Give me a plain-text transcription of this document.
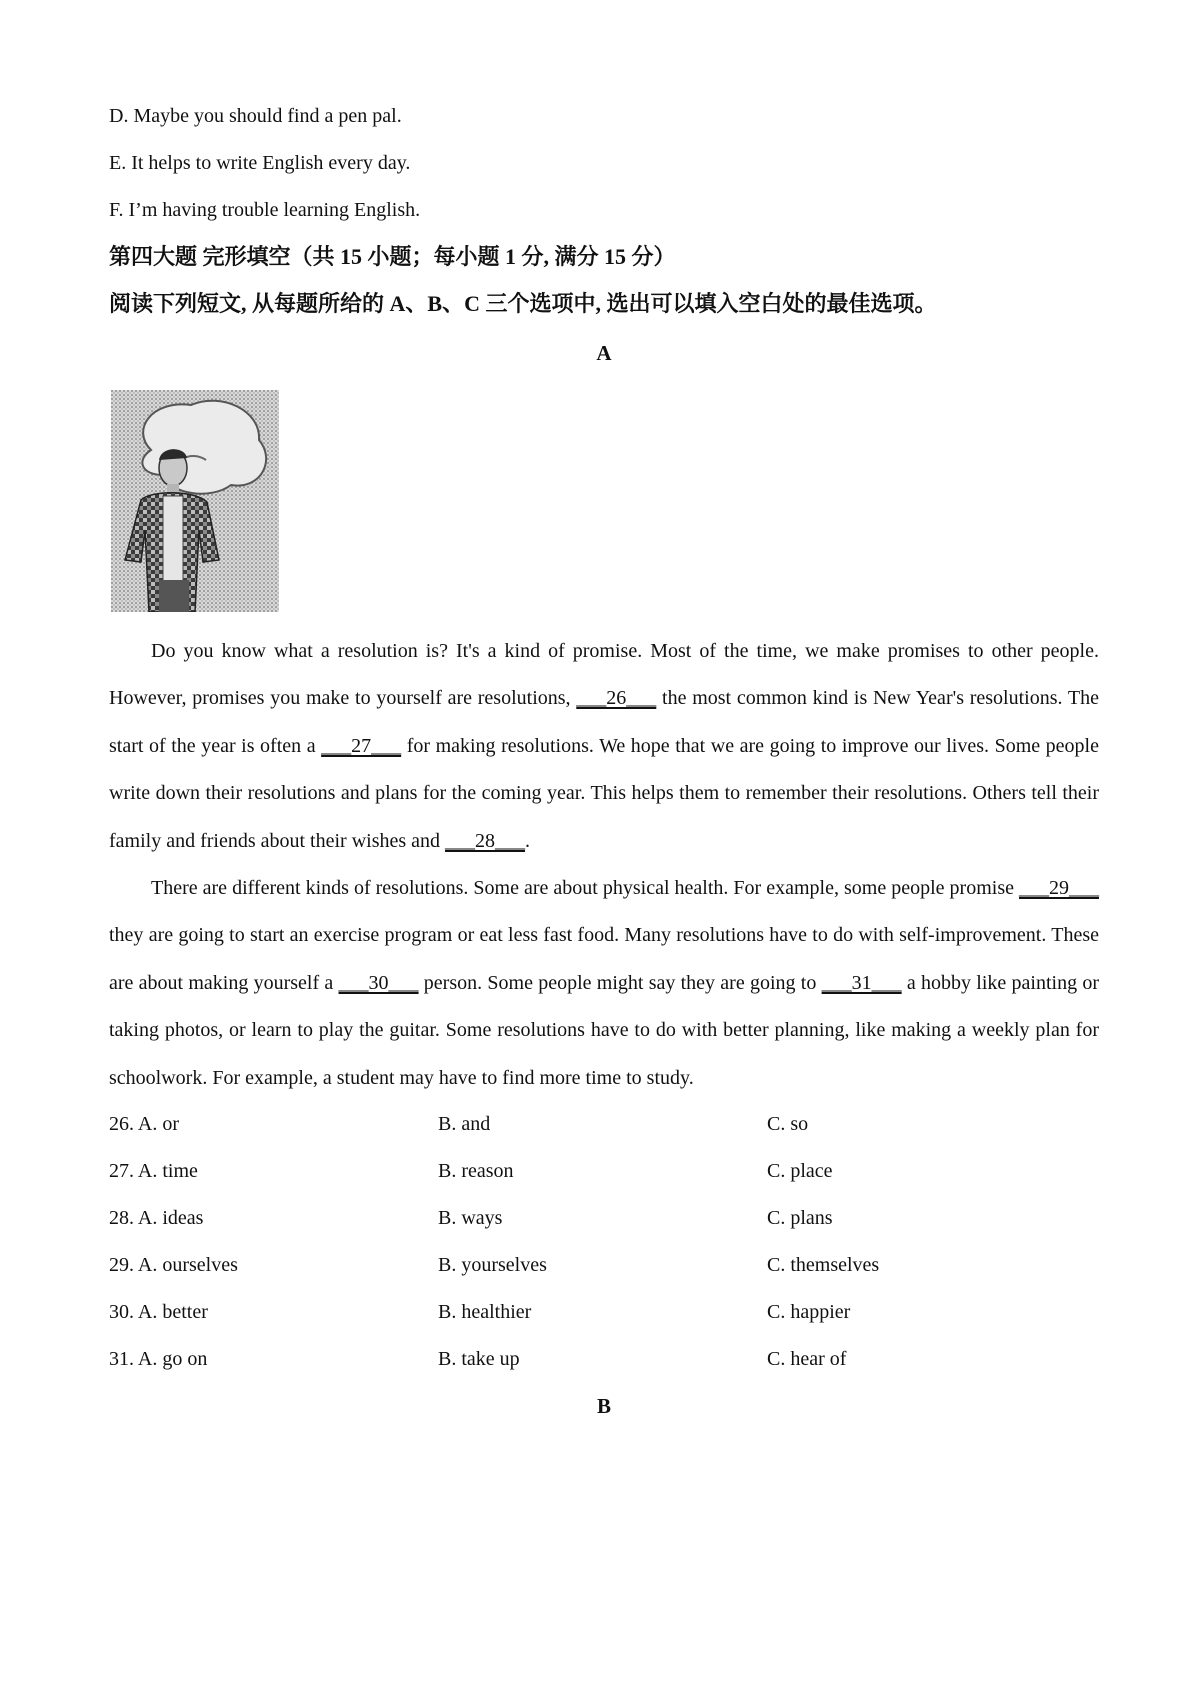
D. Maybe you should find a pen pal.
E. It helps to write English every day.
F. I’m having trouble learning English.
第四大题 完形填空（共 15 小题；每小题 1 分, 满分 15 分）
阅读下列短文, 从每题所给的 A、B、C 三个选项中, 选出可以填入空白处的最佳选项。
A

Do you know what a resolution is? It's a kind of promise. Most of the time, we make promises to other people. However, promises you make to yourself are resolutions, ___26___ the most common kind is New Year's resolutions. The start of the year is often a ___27___ for making resolutions. We hope that we are going to improve our lives. Some people write down their resolutions and plans for the coming year. This helps them to remember their resolutions. Others tell their family and friends about their wishes and ___28___.

There are different kinds of resolutions. Some are about physical health. For example, some people promise ___29___ they are going to start an exercise program or eat less fast food. Many resolutions have to do with self-improvement. These are about making yourself a ___30___ person. Some people might say they are going to ___31___ a hobby like painting or taking photos, or learn to play the guitar. Some resolutions have to do with better planning, like making a weekly plan for schoolwork. For example, a student may have to find more time to study.

26. A. or	B. and	C. so
27. A. time	B. reason	C. place
28. A. ideas	B. ways	C. plans
29. A. ourselves	B. yourselves	C. themselves
30. A. better	B. healthier	C. happier
31. A. go on	B. take up	C. hear of
B
